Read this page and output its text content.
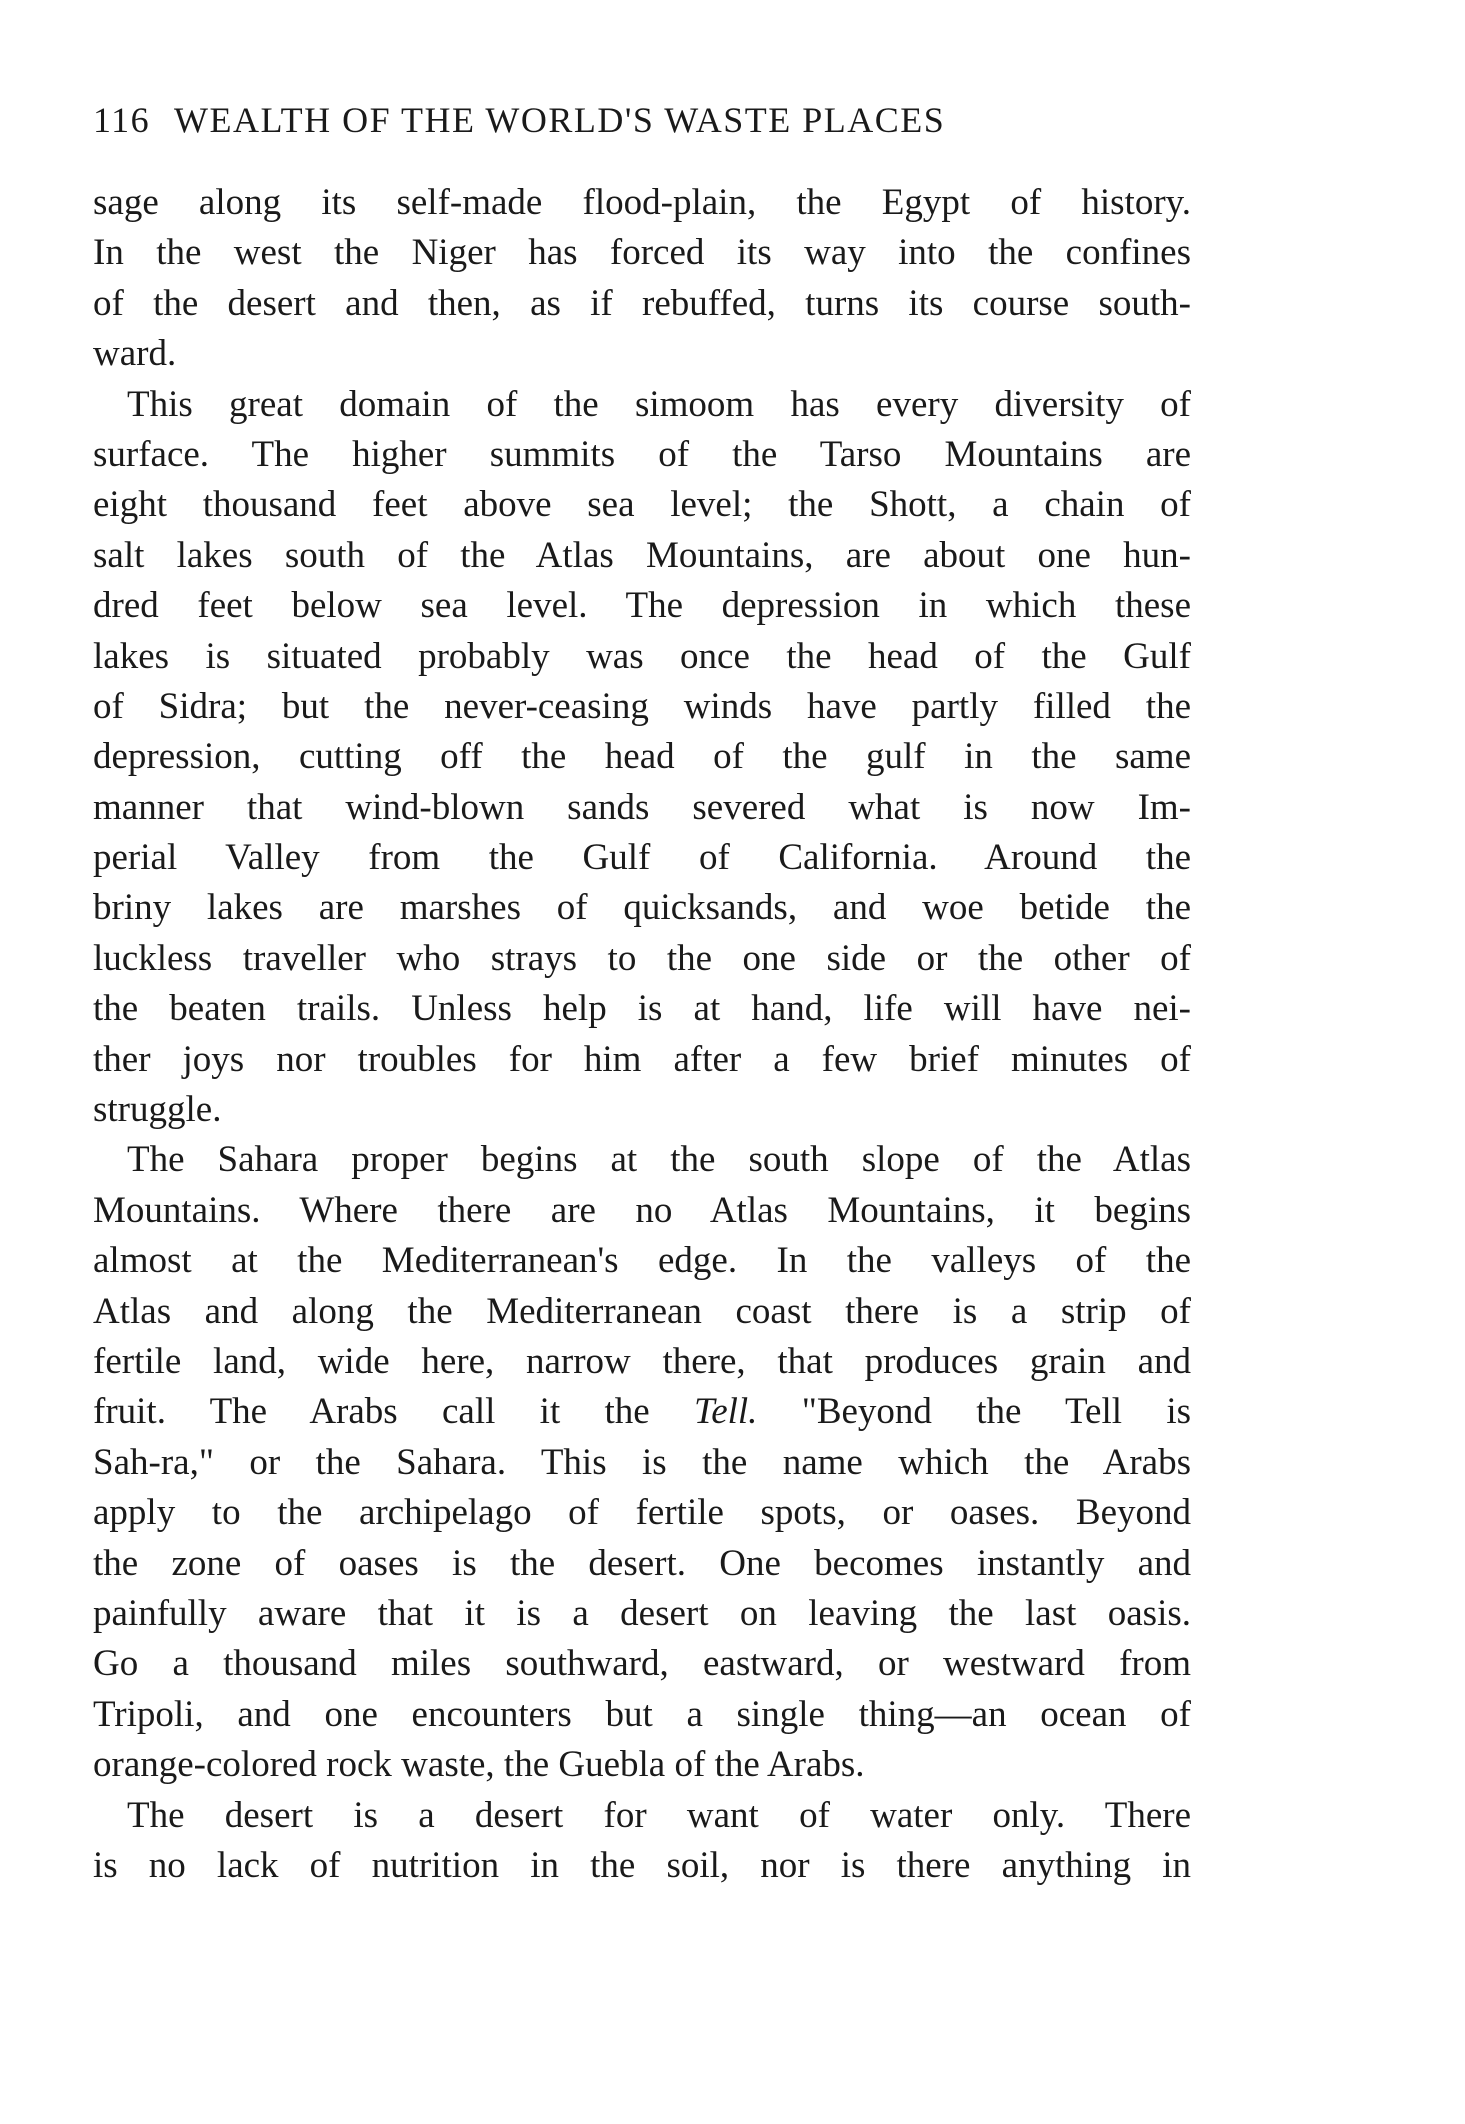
116 WEALTH OF THE WORLD'S WASTE PLACES
sage along its self-made flood-plain, the Egypt of history.
In the west the Niger has forced its way into the confines
of the desert and then, as if rebuffed, turns its course south-
ward.
This great domain of the simoom has every diversity of
surface. The higher summits of the Tarso Mountains are
eight thousand feet above sea level; the Shott, a chain of
salt lakes south of the Atlas Mountains, are about one hun-
dred feet below sea level. The depression in which these
lakes is situated probably was once the head of the Gulf
of Sidra; but the never-ceasing winds have partly filled the
depression, cutting off the head of the gulf in the same
manner that wind-blown sands severed what is now Im-
perial Valley from the Gulf of California. Around the
briny lakes are marshes of quicksands, and woe betide the
luckless traveller who strays to the one side or the other of
the beaten trails. Unless help is at hand, life will have nei-
ther joys nor troubles for him after a few brief minutes of
struggle.
The Sahara proper begins at the south slope of the Atlas
Mountains. Where there are no Atlas Mountains, it begins
almost at the Mediterranean's edge. In the valleys of the
Atlas and along the Mediterranean coast there is a strip of
fertile land, wide here, narrow there, that produces grain and
fruit. The Arabs call it the Tell. "Beyond the Tell is
Sah-ra," or the Sahara. This is the name which the Arabs
apply to the archipelago of fertile spots, or oases. Beyond
the zone of oases is the desert. One becomes instantly and
painfully aware that it is a desert on leaving the last oasis.
Go a thousand miles southward, eastward, or westward from
Tripoli, and one encounters but a single thing—an ocean of
orange-colored rock waste, the Guebla of the Arabs.
The desert is a desert for want of water only. There
is no lack of nutrition in the soil, nor is there anything in
